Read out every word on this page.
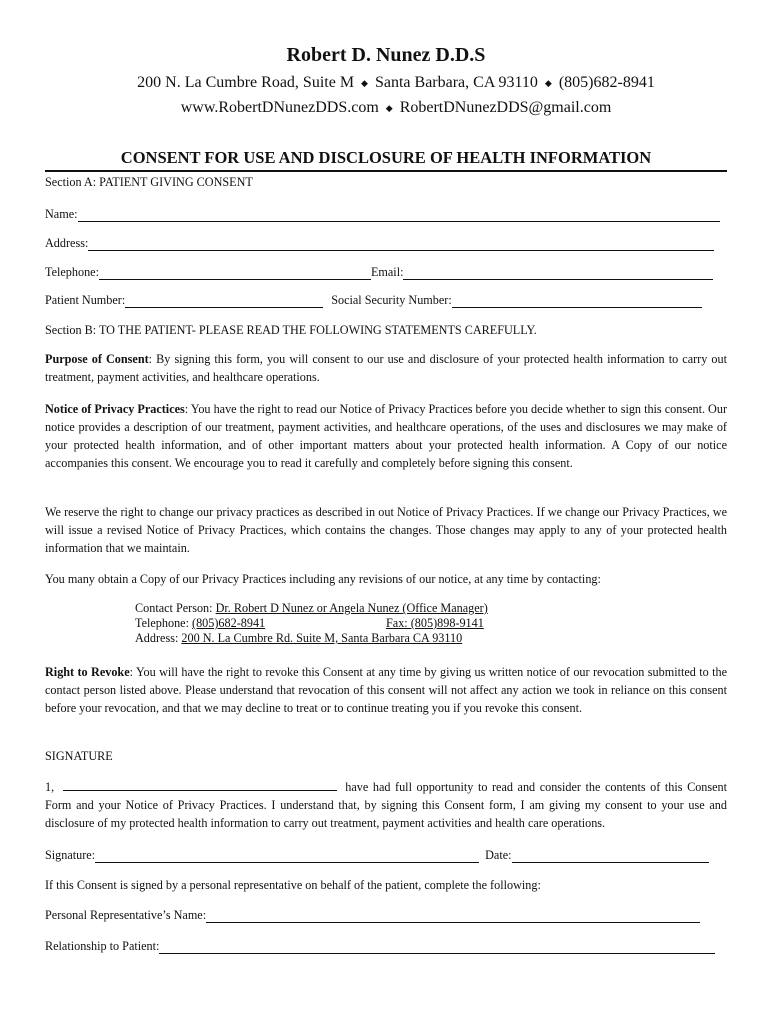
Robert D. Nunez D.D.S
200 N. La Cumbre Road, Suite M ◆ Santa Barbara, CA 93110 ◆ (805)682-8941
www.RobertDNunezDDS.com ◆ RobertDNunezDDS@gmail.com
CONSENT FOR USE AND DISCLOSURE OF HEALTH INFORMATION
Section A: PATIENT GIVING CONSENT
Name:
Address:
Telephone:	Email:
Patient Number:	Social Security Number:
Section B: TO THE PATIENT- PLEASE READ THE FOLLOWING STATEMENTS CAREFULLY.
Purpose of Consent: By signing this form, you will consent to our use and disclosure of your protected health information to carry out treatment, payment activities, and healthcare operations.
Notice of Privacy Practices: You have the right to read our Notice of Privacy Practices before you decide whether to sign this consent. Our notice provides a description of our treatment, payment activities, and healthcare operations, of the uses and disclosures we may make of your protected health information, and of other important matters about your protected health information. A Copy of our notice accompanies this consent. We encourage you to read it carefully and completely before signing this consent.
We reserve the right to change our privacy practices as described in out Notice of Privacy Practices. If we change our Privacy Practices, we will issue a revised Notice of Privacy Practices, which contains the changes. Those changes may apply to any of your protected health information that we maintain.
You many obtain a Copy of our Privacy Practices including any revisions of our notice, at any time by contacting:
Contact Person: Dr. Robert D Nunez or Angela Nunez (Office Manager)
Telephone: (805)682-8941	Fax: (805)898-9141
Address: 200 N. La Cumbre Rd. Suite M, Santa Barbara CA 93110
Right to Revoke: You will have the right to revoke this Consent at any time by giving us written notice of our revocation submitted to the contact person listed above. Please understand that revocation of this consent will not affect any action we took in reliance on this consent before your revocation, and that we may decline to treat or to continue treating you if you revoke this consent.
SIGNATURE
1,	have had full opportunity to read and consider the contents of this Consent Form and your Notice of Privacy Practices. I understand that, by signing this Consent form, I am giving my consent to your use and disclosure of my protected health information to carry out treatment, payment activities and health care operations.
Signature:	Date:
If this Consent is signed by a personal representative on behalf of the patient, complete the following:
Personal Representative’s Name:
Relationship to Patient:
